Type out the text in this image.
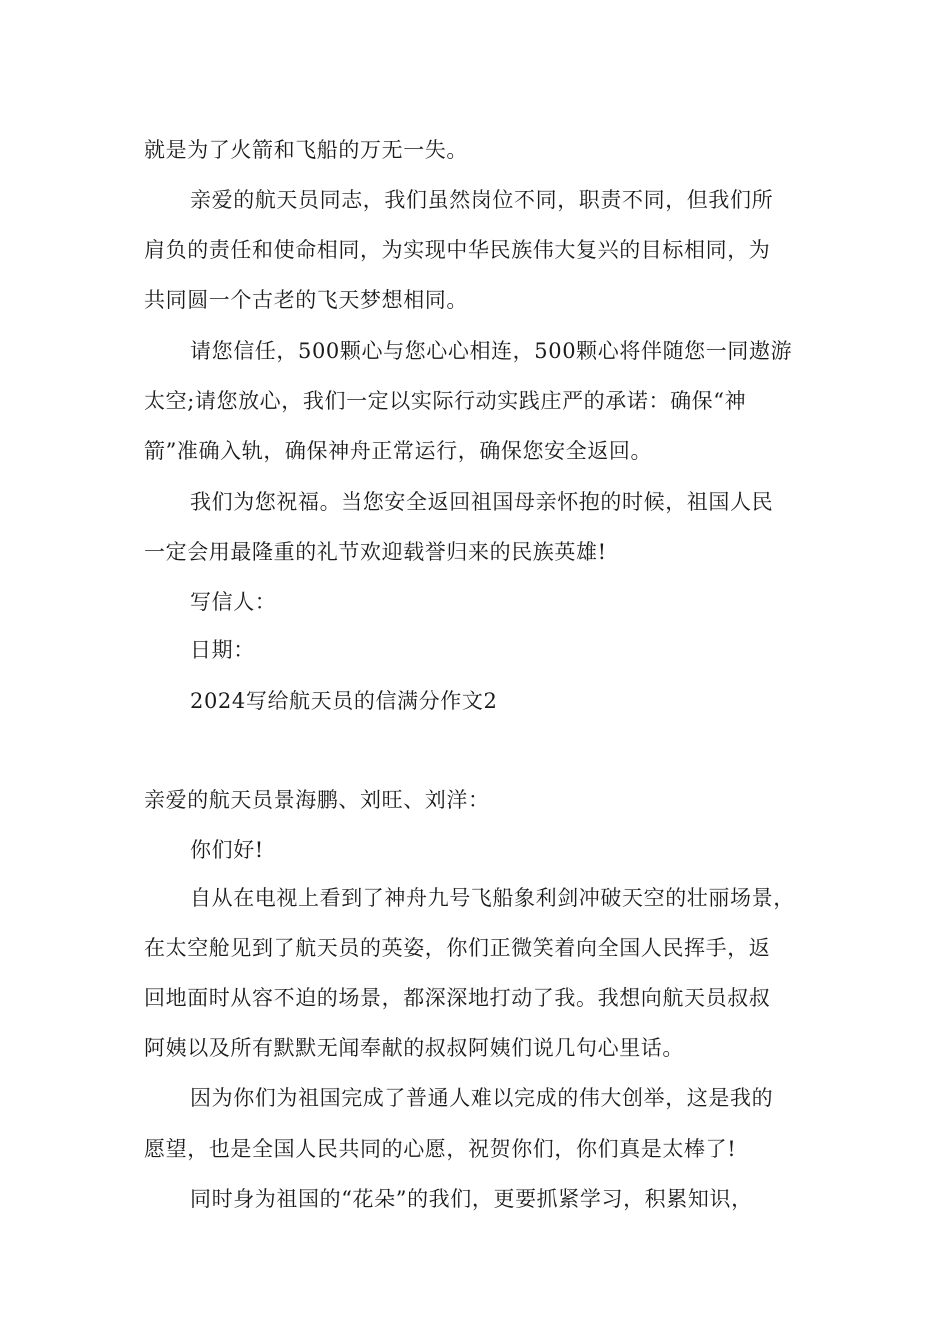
就是为了火箭和飞船的万无一失。
亲爱的航天员同志，我们虽然岗位不同，职责不同，但我们所
肩负的责任和使命相同，为实现中华民族伟大复兴的目标相同，为
共同圆一个古老的飞天梦想相同。
请您信任，500颗心与您心心相连，500颗心将伴随您一同遨游
太空;请您放心，我们一定以实际行动实践庄严的承诺：确保“神
箭”准确入轨，确保神舟正常运行，确保您安全返回。
我们为您祝福。当您安全返回祖国母亲怀抱的时候，祖国人民
一定会用最隆重的礼节欢迎载誉归来的民族英雄!
写信人：
日期：
2024写给航天员的信满分作文2
亲爱的航天员景海鹏、刘旺、刘洋：
你们好!
自从在电视上看到了神舟九号飞船象利剑冲破天空的壮丽场景，
在太空舱见到了航天员的英姿，你们正微笑着向全国人民挥手，返
回地面时从容不迫的场景，都深深地打动了我。我想向航天员叔叔
阿姨以及所有默默无闻奉献的叔叔阿姨们说几句心里话。
因为你们为祖国完成了普通人难以完成的伟大创举，这是我的
愿望，也是全国人民共同的心愿，祝贺你们，你们真是太棒了!
同时身为祖国的“花朵”的我们，更要抓紧学习，积累知识，
